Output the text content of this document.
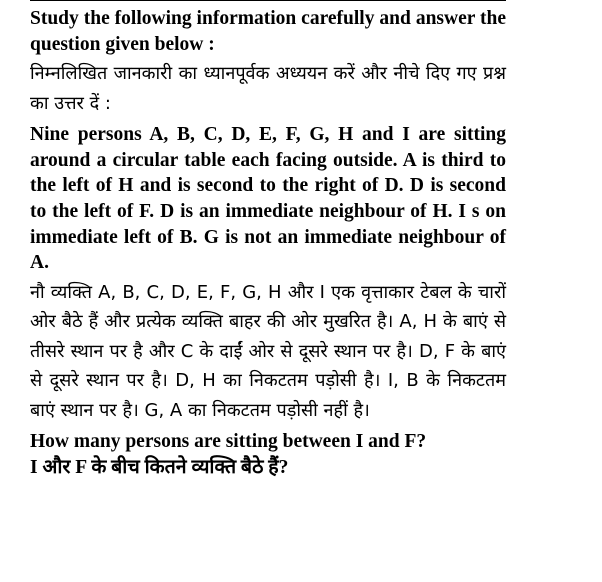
Study the following information carefully and answer the question given below :

निम्नलिखित जानकारी का ध्यानपूर्वक अध्ययन करें और नीचे दिए गए प्रश्न का उत्तर दें :

Nine persons A, B, C, D, E, F, G, H and I are sitting around a circular table each facing outside. A is third to the left of H and is second to the right of D. D is second to the left of F. D is an immediate neighbour of H. I s on immediate left of B. G is not an immediate neighbour of A.

नौ व्यक्ति A, B, C, D, E, F, G, H और I एक वृत्ताकार टेबल के चारों ओर बैठे हैं और प्रत्येक व्यक्ति बाहर की ओर मुखरित है। A, H के बाएं से तीसरे स्थान पर है और C के दाईं ओर से दूसरे स्थान पर है। D, F के बाएं से दूसरे स्थान पर है। D, H का निकटतम पड़ोसी है। I, B के निकटतम बाएं स्थान पर है। G, A का निकटतम पड़ोसी नहीं है।

How many persons are sitting between I and F?

I और F के बीच कितने व्यक्ति बैठे हैं?
